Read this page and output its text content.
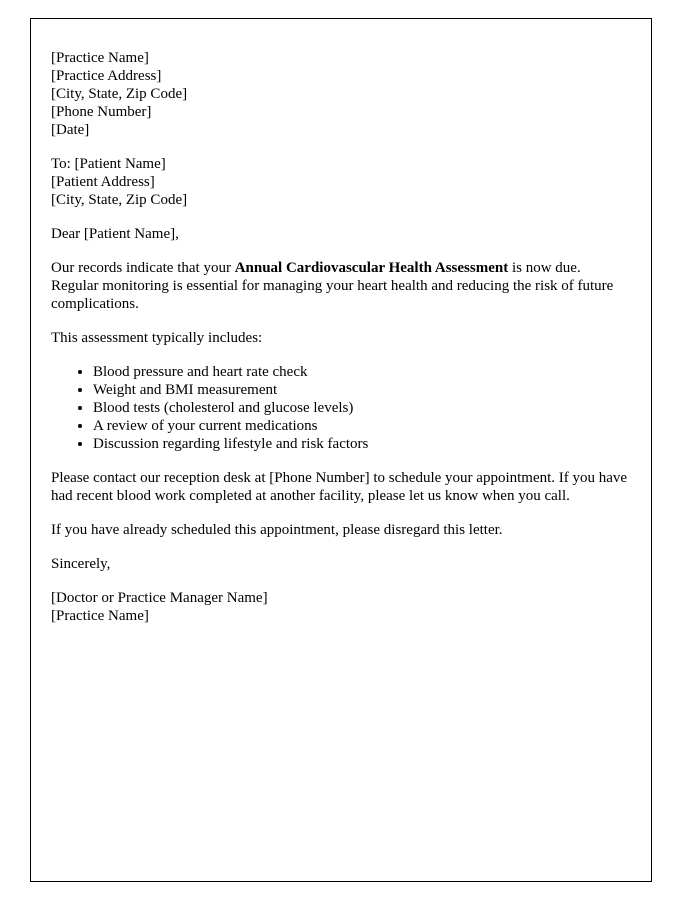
[Practice Name]
[Practice Address]
[City, State, Zip Code]
[Phone Number]
[Date]
To: [Patient Name]
[Patient Address]
[City, State, Zip Code]

Dear [Patient Name],

Our records indicate that your Annual Cardiovascular Health Assessment is now due. Regular monitoring is essential for managing your heart health and reducing the risk of future complications.

This assessment typically includes:

• Blood pressure and heart rate check
• Weight and BMI measurement
• Blood tests (cholesterol and glucose levels)
• A review of your current medications
• Discussion regarding lifestyle and risk factors

Please contact our reception desk at [Phone Number] to schedule your appointment. If you have had recent blood work completed at another facility, please let us know when you call.

If you have already scheduled this appointment, please disregard this letter.

Sincerely,

[Doctor or Practice Manager Name]
[Practice Name]
